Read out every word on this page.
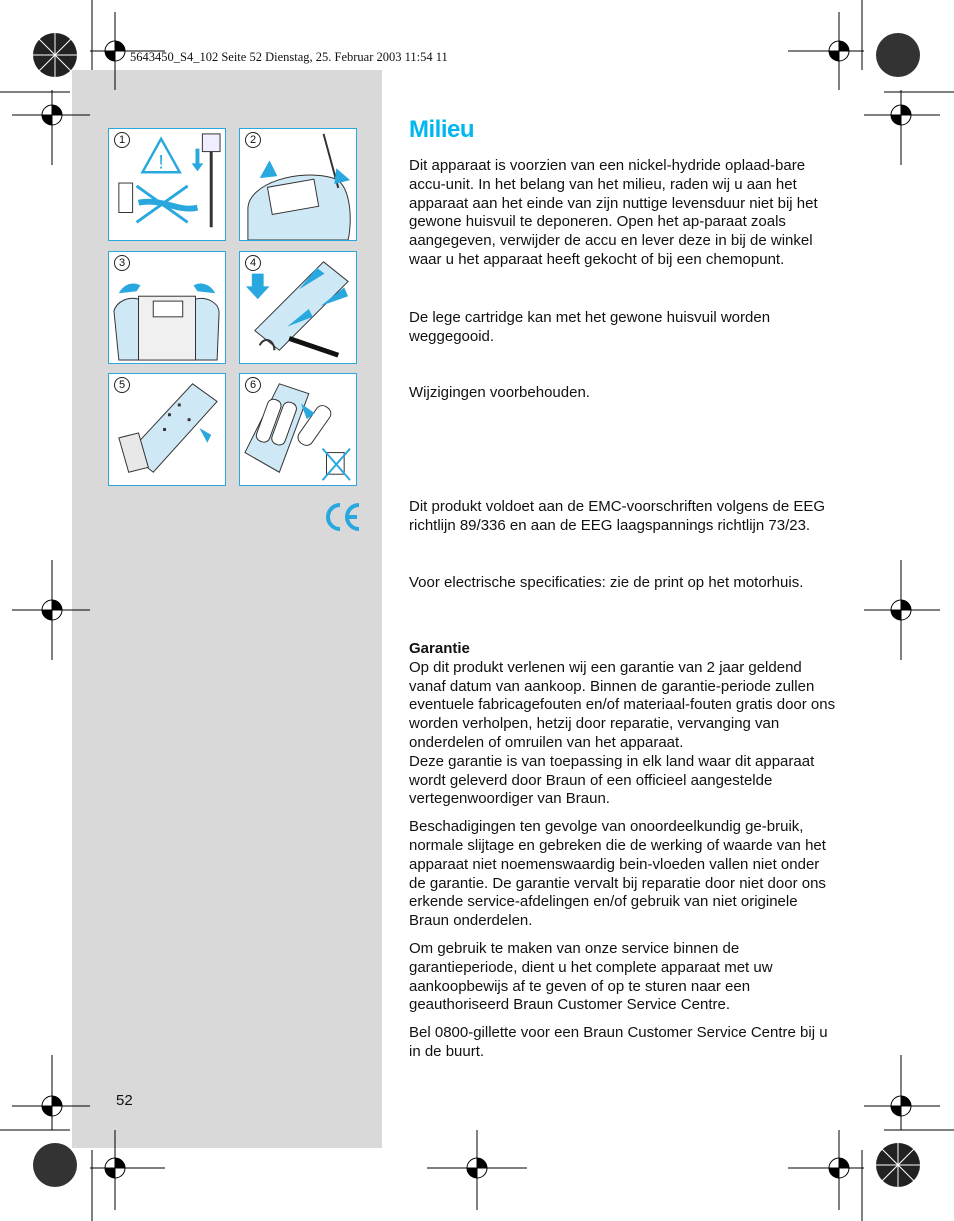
5643450_S4_102 Seite 52 Dienstag, 25. Februar 2003 11:54 11
!
1	2
3	4
5	6
Milieu

Dit apparaat is voorzien van een nickel-hydride oplaad-bare accu-unit. In het belang van het milieu, raden wij u aan het apparaat aan het einde van zijn nuttige levensduur niet bij het gewone huisvuil te deponeren. Open het ap-paraat zoals aangegeven, verwijder de accu en lever deze in bij de winkel waar u het apparaat heeft gekocht of bij een chemopunt.

De lege cartridge kan met het gewone huisvuil worden weggegooid.

Wijzigingen voorbehouden.

Dit produkt voldoet aan de EMC-voorschriften volgens de EEG richtlijn 89/336 en aan de EEG laagspannings richtlijn 73/23.

Voor electrische specificaties: zie de print op het motorhuis.

Garantie

Op dit produkt verlenen wij een garantie van 2 jaar geldend vanaf datum van aankoop. Binnen de garantie-periode zullen eventuele fabricagefouten en/of materiaal-fouten gratis door ons worden verholpen, hetzij door reparatie, vervanging van onderdelen of omruilen van het apparaat.

Deze garantie is van toepassing in elk land waar dit apparaat wordt geleverd door Braun of een officieel aangestelde vertegenwoordiger van Braun.

Beschadigingen ten gevolge van onoordeelkundig ge-bruik, normale slijtage en gebreken die de werking of waarde van het apparaat niet noemenswaardig bein-vloeden vallen niet onder de garantie. De garantie vervalt bij reparatie door niet door ons erkende service-afdelingen en/of gebruik van niet originele Braun onderdelen.

Om gebruik te maken van onze service binnen de garantieperiode, dient u het complete apparaat met uw aankoopbewijs af te geven of op te sturen naar een geauthoriseerd Braun Customer Service Centre.

Bel 0800-gillette voor een Braun Customer Service Centre bij u in de buurt.

52
